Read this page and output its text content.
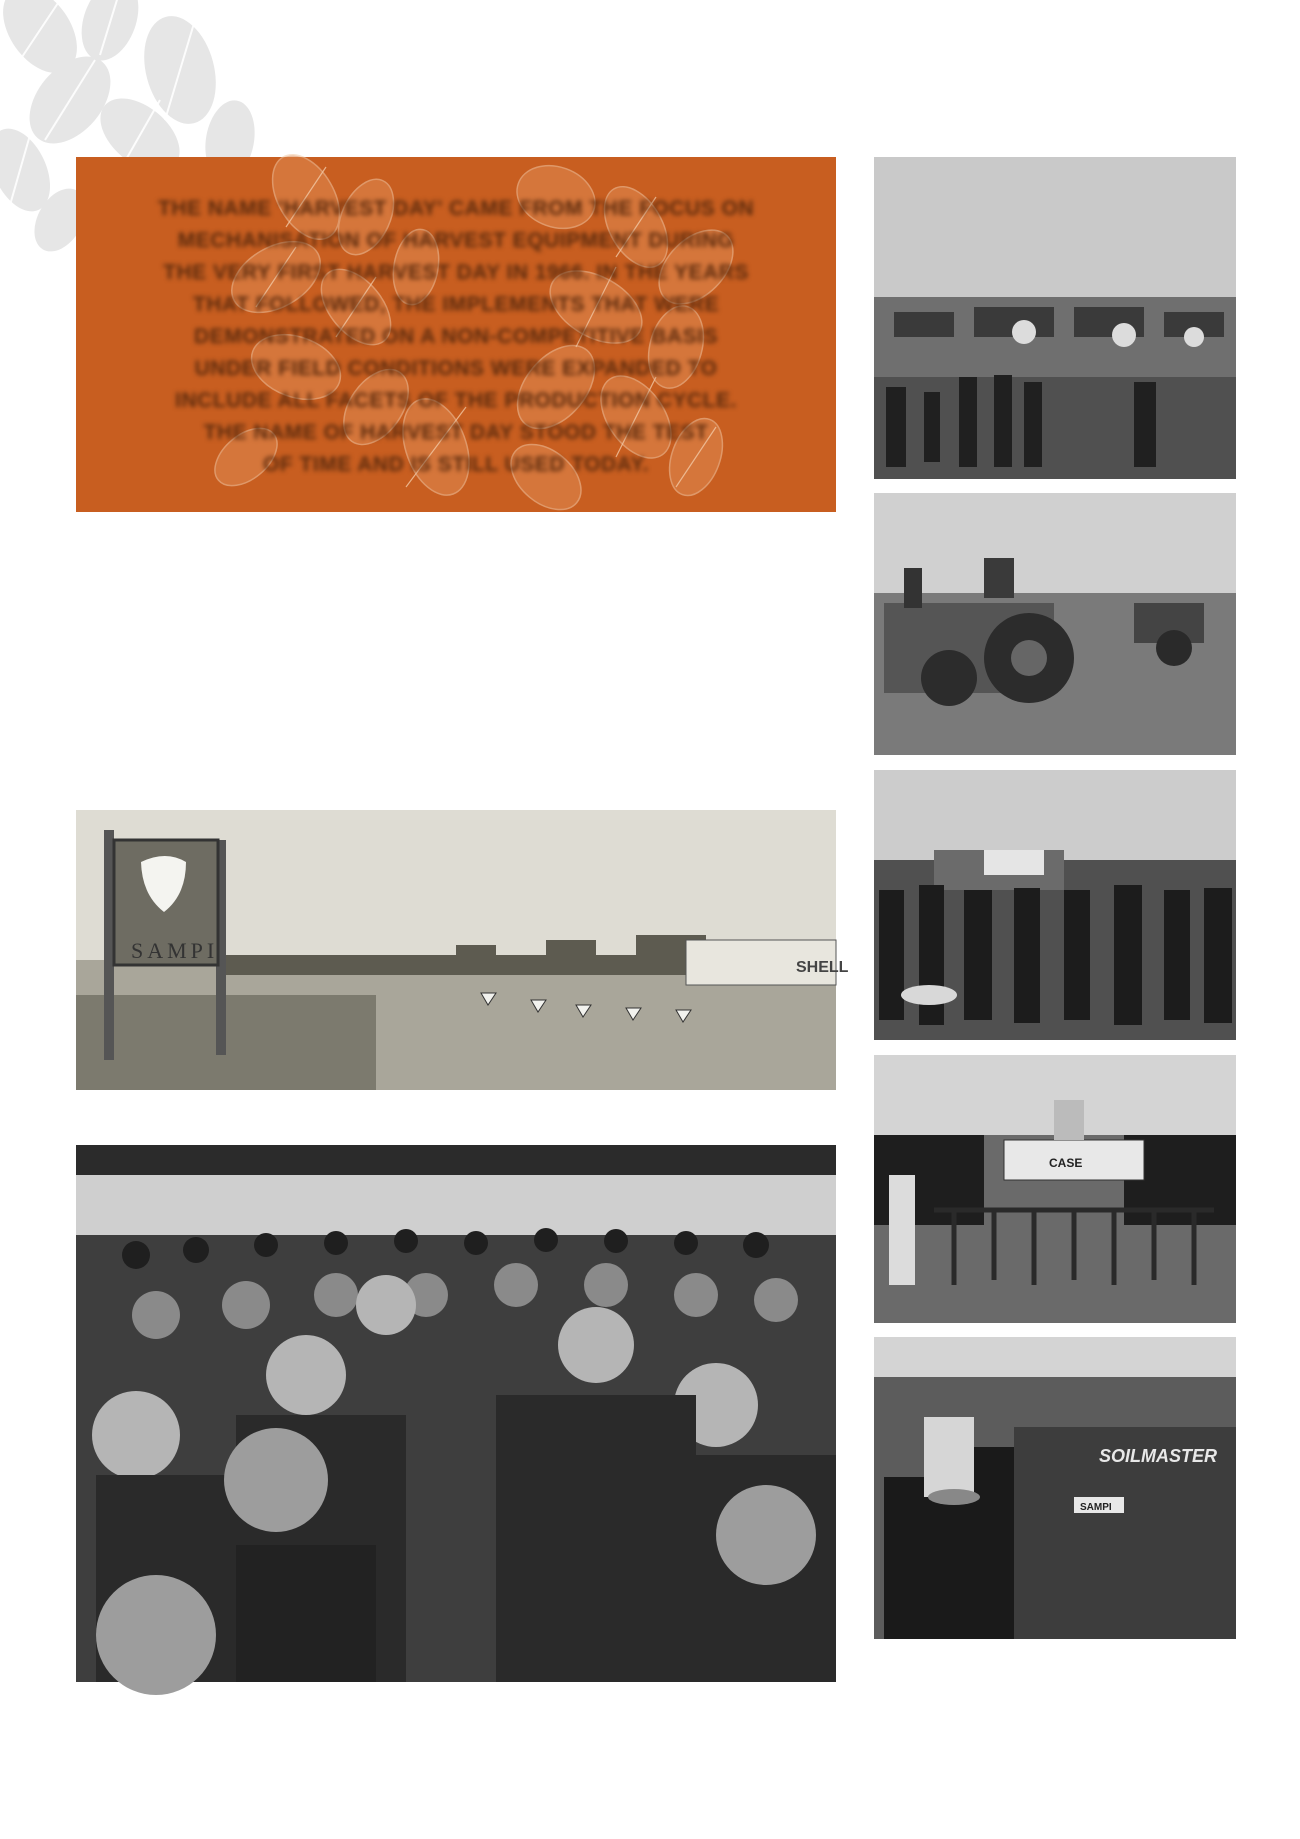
THE NAME 'HARVEST DAY' CAME FROM THE FOCUS ON
MECHANISATION OF HARVEST EQUIPMENT DURING
THE VERY FIRST HARVEST DAY IN 1966. IN THE YEARS
THAT FOLLOWED, THE IMPLEMENTS THAT WERE
DEMONSTRATED ON A NON-COMPETITIVE BASIS
UNDER FIELD CONDITIONS WERE EXPANDED TO
INCLUDE ALL FACETS OF THE PRODUCTION CYCLE.
THE NAME OF HARVEST DAY STOOD THE TEST
OF TIME AND IS STILL USED TODAY.
SHELL
SAMPI
CASE
SOILMASTER
SAMPI
